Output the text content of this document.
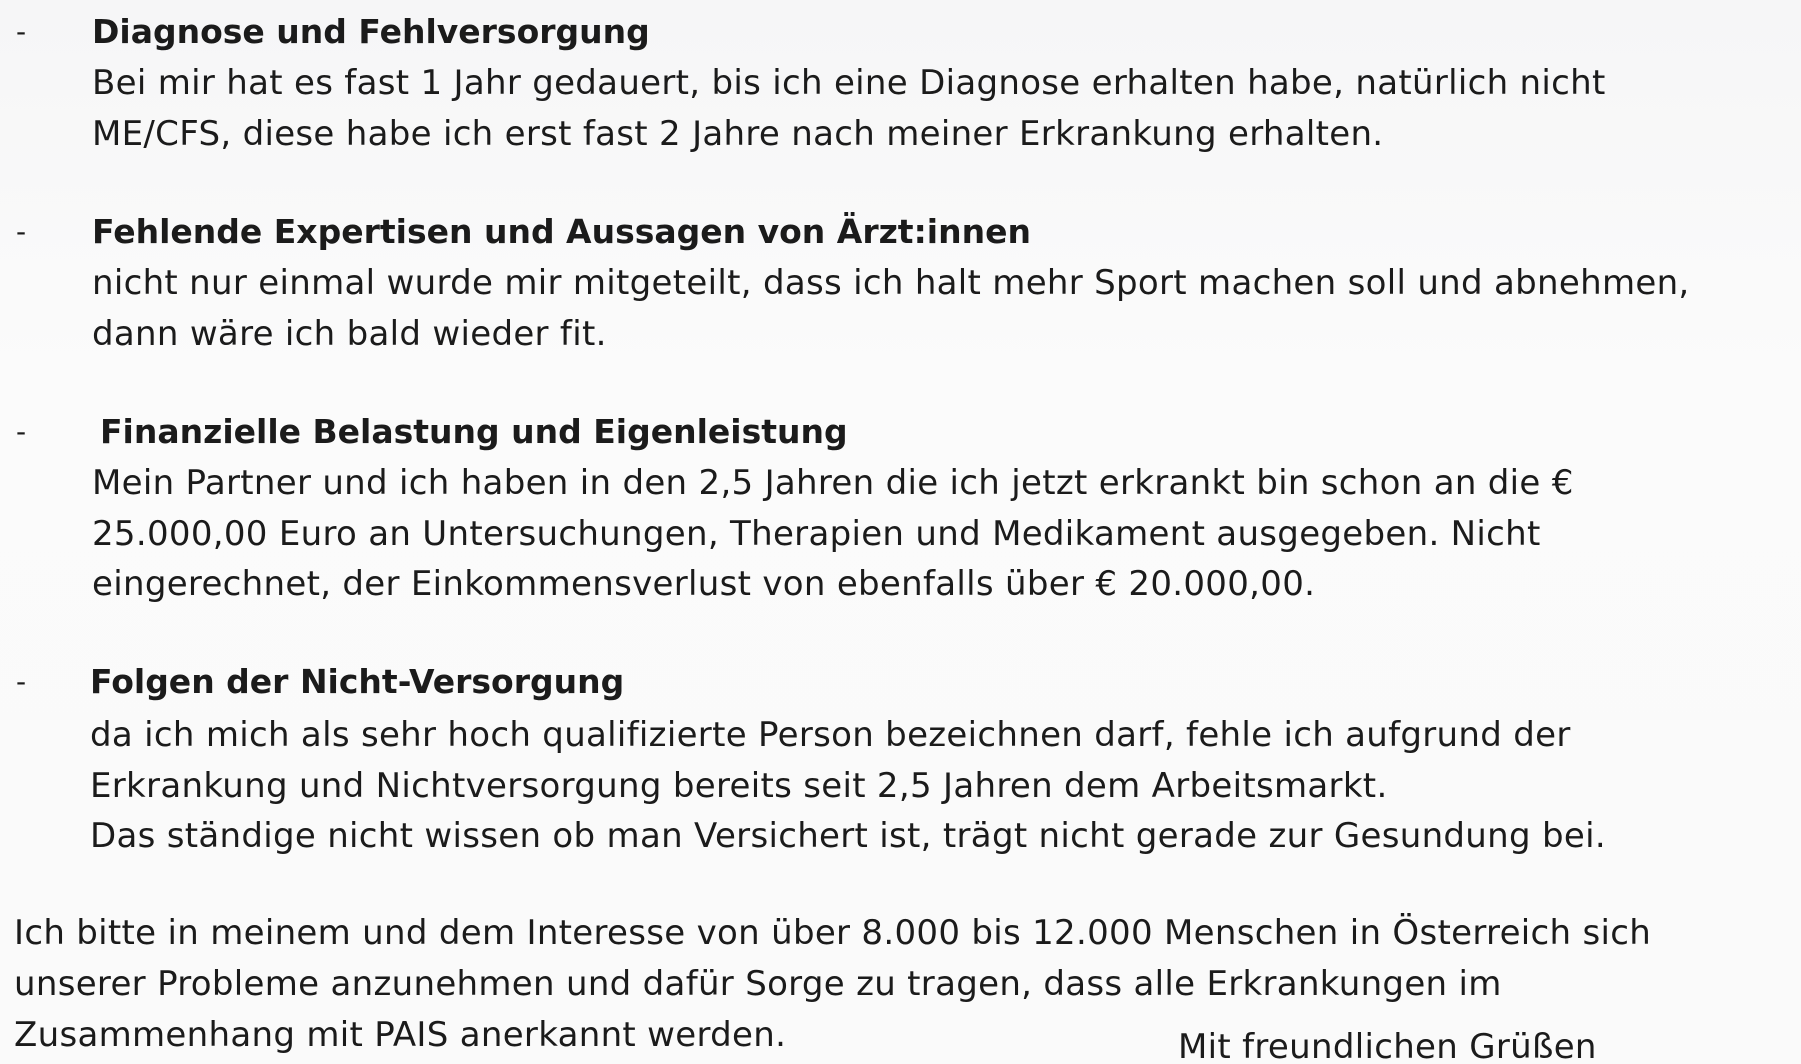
- Diagnose und Fehlversorgung
Bei mir hat es fast 1 Jahr gedauert, bis ich eine Diagnose erhalten habe, natürlich nicht
ME/CFS, diese habe ich erst fast 2 Jahre nach meiner Erkrankung erhalten.
- Fehlende Expertisen und Aussagen von Ärzt:innen
nicht nur einmal wurde mir mitgeteilt, dass ich halt mehr Sport machen soll und abnehmen,
dann wäre ich bald wieder fit.
- Finanzielle Belastung und Eigenleistung
Mein Partner und ich haben in den 2,5 Jahren die ich jetzt erkrankt bin schon an die €
25.000,00 Euro an Untersuchungen, Therapien und Medikament ausgegeben. Nicht
eingerechnet, der Einkommensverlust von ebenfalls über € 20.000,00.
- Folgen der Nicht-Versorgung
da ich mich als sehr hoch qualifizierte Person bezeichnen darf, fehle ich aufgrund der
Erkrankung und Nichtversorgung bereits seit 2,5 Jahren dem Arbeitsmarkt.
Das ständige nicht wissen ob man Versichert ist, trägt nicht gerade zur Gesundung bei.
Ich bitte in meinem und dem Interesse von über 8.000 bis 12.000 Menschen in Österreich sich
unserer Probleme anzunehmen und dafür Sorge zu tragen, dass alle Erkrankungen im
Zusammenhang mit PAIS anerkannt werden.	Mit freundlichen Grüßen
